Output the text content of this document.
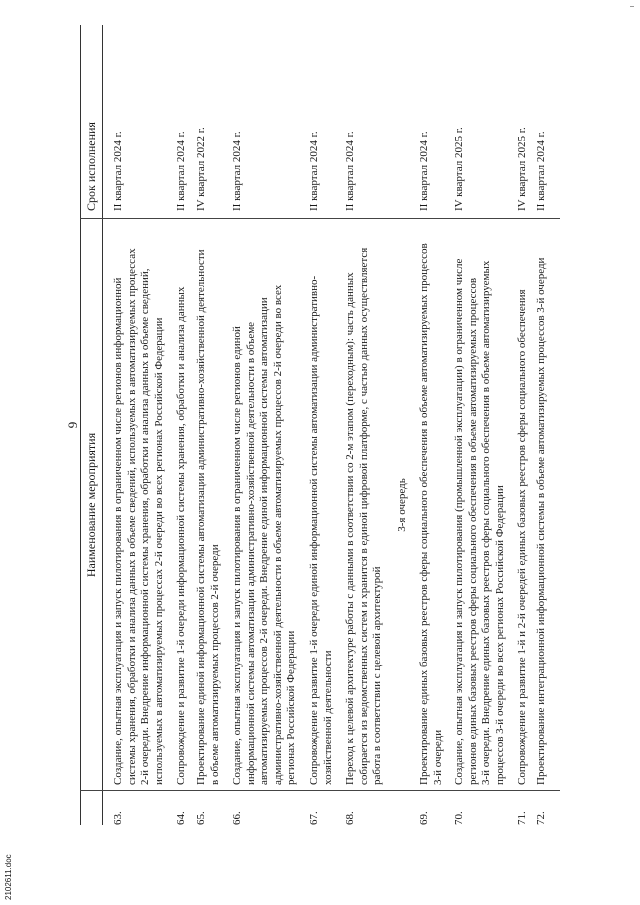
9
Наименование мероприятия
Срок исполнения
63.
Создание, опытная эксплуатация и запуск пилотирования в ограниченном числе регионов информационной системы хранения, обработки и анализа данных в объеме сведений, используемых в автоматизируемых процессах 2-й очереди. Внедрение информационной системы хранения, обработки и анализа данных в объеме сведений, используемых в автоматизируемых процессах 2-й очереди во всех регионах Российской Федерации
II квартал 2024 г.
64.
Сопровождение и развитие 1-й очереди информационной системы хранения, обработки и анализа данных
II квартал 2024 г.
65.
Проектирование единой информационной системы автоматизации административно-хозяйственной деятельности в объеме автоматизируемых процессов 2-й очереди
IV квартал 2022 г.
66.
Создание, опытная эксплуатация и запуск пилотирования в ограниченном числе регионов единой информационной системы автоматизации административно-хозяйственной деятельности в объеме автоматизируемых процессов 2-й очереди. Внедрение единой информационной системы автоматизации административно-хозяйственной деятельности в объеме автоматизируемых процессов 2-й очереди во всех регионах Российской Федерации
II квартал 2024 г.
67.
Сопровождение и развитие 1-й очереди единой информационной системы автоматизации административно- хозяйственной деятельности
II квартал 2024 г.
68.
Переход к целевой архитектуре работы с данными в соответствии со 2-м этапом (переходным): часть данных собирается из ведомственных систем и хранится в единой цифровой платформе, с частью данных осуществляется работа в соответствии с целевой архитектурой
II квартал 2024 г.
3-я очередь
69.
Проектирование единых базовых реестров сферы социального обеспечения в объеме автоматизируемых процессов 3-й очереди
II квартал 2024 г.
70.
Создание, опытная эксплуатация и запуск пилотирования (промышленной эксплуатации) в ограниченном числе регионов единых базовых реестров сферы социального обеспечения в объеме автоматизируемых процессов 3-й очереди. Внедрение единых базовых реестров сферы социального обеспечения в объеме автоматизируемых процессов 3-й очереди во всех регионах Российской Федерации
IV квартал 2025 г.
71.
Сопровождение и развитие 1-й и 2-й очередей единых базовых реестров сферы социального обеспечения
IV квартал 2025 г.
72.
Проектирование интеграционной информационной системы в объеме автоматизируемых процессов 3-й очереди
II квартал 2024 г.
2102611.doc
